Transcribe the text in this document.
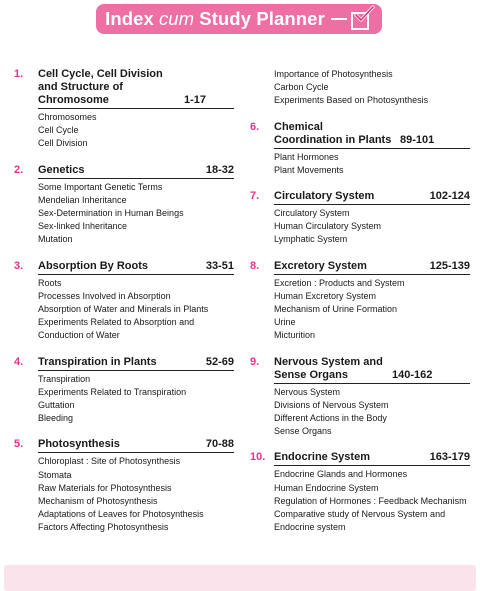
Index cum Study Planner
1.	Cell Cycle, Cell Division and Structure of Chromosome	1-17
Chromosomes
Cell Cycle
Cell Division
2.	Genetics	18-32
Some Important Genetic Terms
Mendelian Inheritance
Sex-Determination in Human Beings
Sex-linked Inheritance
Mutation
3.	Absorption By Roots	33-51
Roots
Processes Involved in Absorption
Absorption of Water and Minerals in Plants
Experiments Related to Absorption and Conduction of Water
4.	Transpiration in Plants	52-69
Transpiration
Experiments Related to Transpiration
Guttation
Bleeding
5.	Photosynthesis	70-88
Chloroplast : Site of Photosynthesis
Stomata
Raw Materials for Photosynthesis
Mechanism of Photosynthesis
Adaptations of Leaves for Photosynthesis
Factors Affecting Photosynthesis
Importance of Photosynthesis
Carbon Cycle
Experiments Based on Photosynthesis
6.	Chemical Coordination in Plants 89-101
Plant Hormones
Plant Movements
7.	Circulatory System	102-124
Circulatory System
Human Circulatory System
Lymphatic System
8.	Excretory System	125-139
Excretion : Products and System
Human Excretory System
Mechanism of Urine Formation
Urine
Micturition
9.	Nervous System and Sense Organs	140-162
Nervous System
Divisions of Nervous System
Different Actions in the Body
Sense Organs
10. Endocrine System	163-179
Endocrine Glands and Hormones
Human Endocrine System
Regulation of Hormones : Feedback Mechanism
Comparative study of Nervous System and Endocrine system
